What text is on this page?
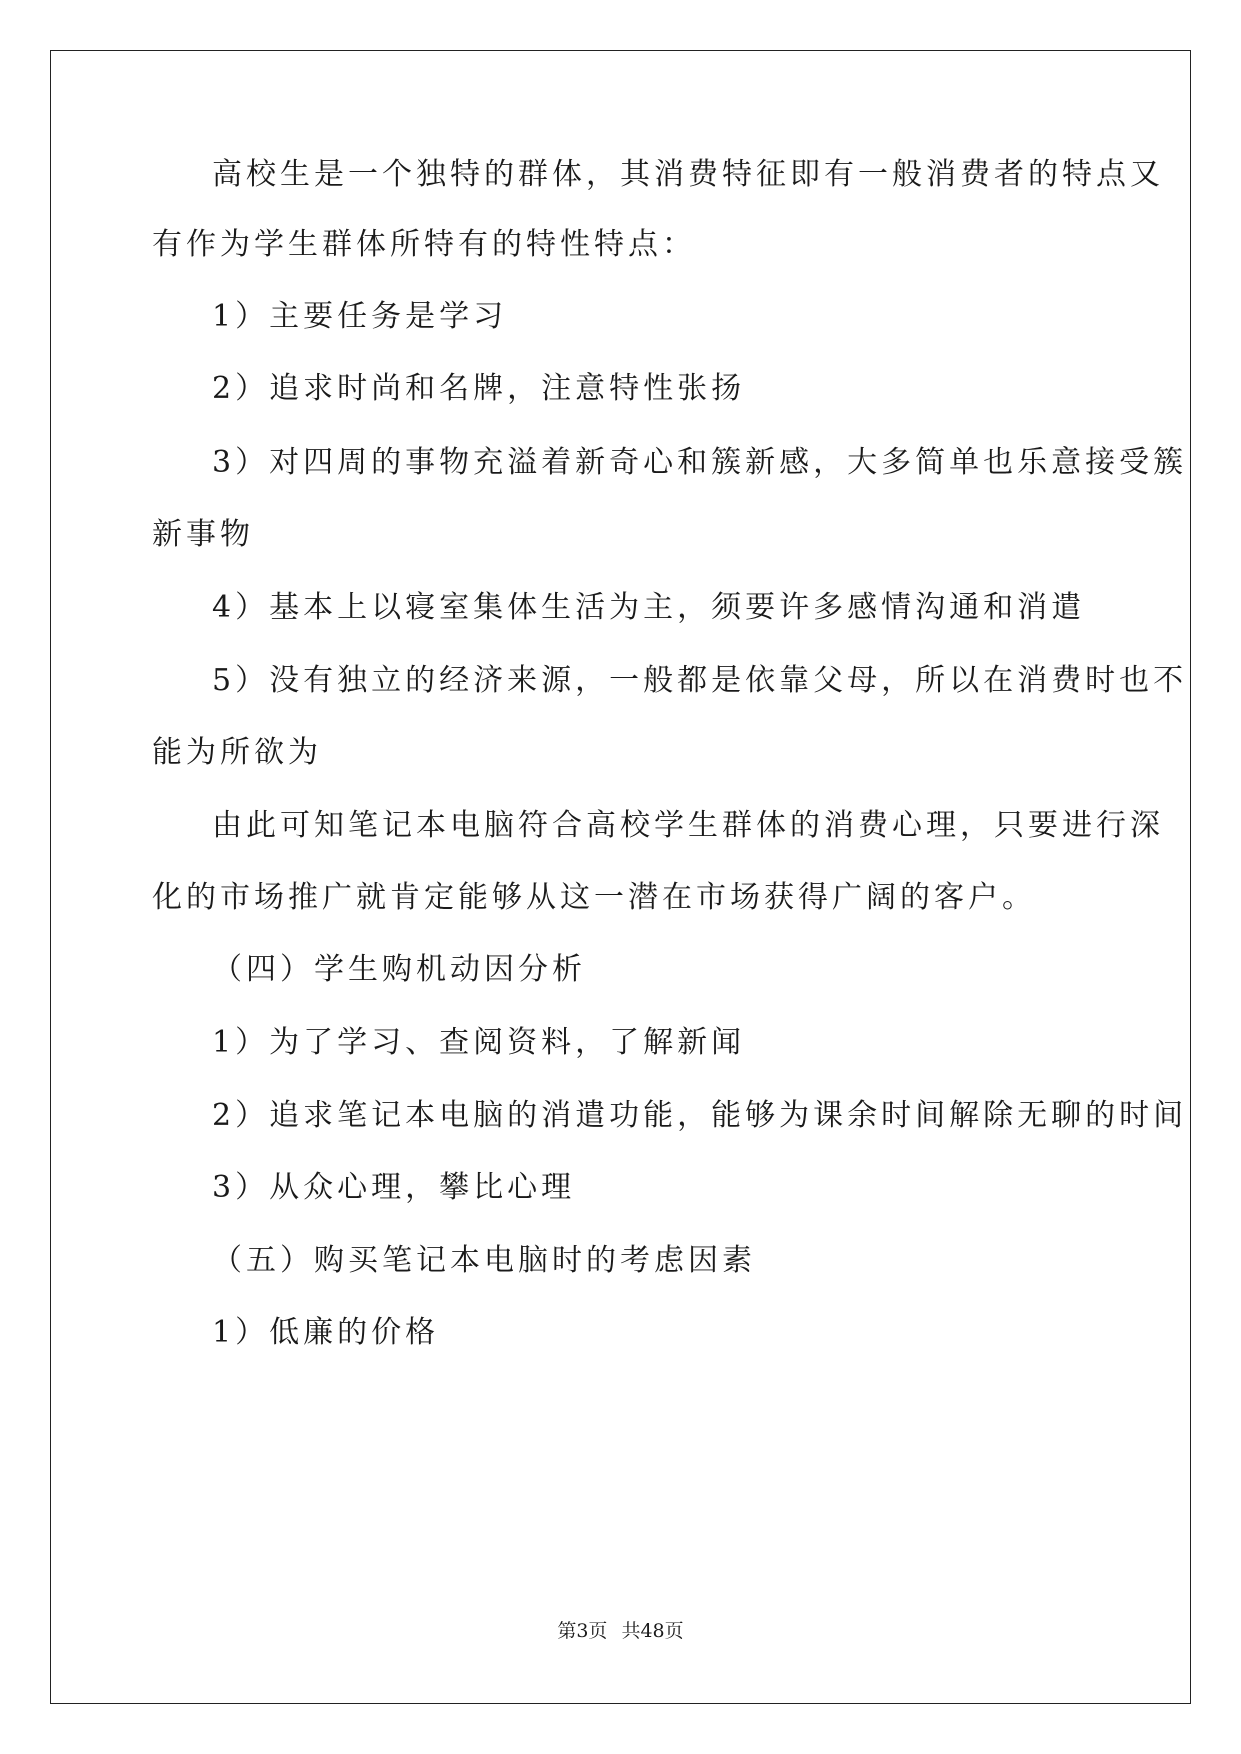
高校生是一个独特的群体，其消费特征即有一般消费者的特点又
有作为学生群体所特有的特性特点：
1）主要任务是学习
2）追求时尚和名牌，注意特性张扬
3）对四周的事物充溢着新奇心和簇新感，大多简单也乐意接受簇
新事物
4）基本上以寝室集体生活为主，须要许多感情沟通和消遣
5）没有独立的经济来源，一般都是依靠父母，所以在消费时也不
能为所欲为
由此可知笔记本电脑符合高校学生群体的消费心理，只要进行深
化的市场推广就肯定能够从这一潜在市场获得广阔的客户。
（四）学生购机动因分析
1）为了学习、查阅资料，了解新闻
2）追求笔记本电脑的消遣功能，能够为课余时间解除无聊的时间
3）从众心理，攀比心理
（五）购买笔记本电脑时的考虑因素
1）低廉的价格
第3页 共48页
